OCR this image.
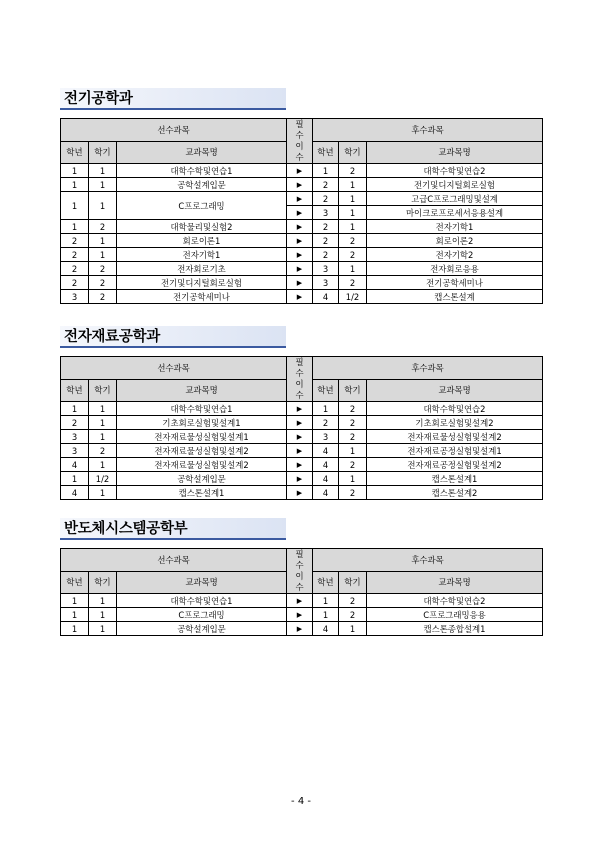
전기공학과
선수과목			필수 이수	후수과목		
학년	학기	교과목명		학년	학기	교과목명
1	1	대학수학및연습1	▶	1	2	대학수학및연습2
1	1	공학설계입문	▶	2	1	전기및디지털회로실험
1	1	C프로그래밍	▶	2	1	고급C프로그래밍및설계
			▶	3	1	마이크로프로세서응용설계
1	2	대학물리및실험2	▶	2	1	전자기학1
2	1	회로이론1	▶	2	2	회로이론2
2	1	전자기학1	▶	2	2	전자기학2
2	2	전자회로기초	▶	3	1	전자회로응용
2	2	전기및디지털회로실험	▶	3	2	전기공학세미나
3	2	전기공학세미나	▶	4	1/2	캡스톤설계
전자재료공학과
선수과목			필수 이수	후수과목		
학년	학기	교과목명		학년	학기	교과목명
1	1	대학수학및연습1	▶	1	2	대학수학및연습2
2	1	기초회로실험및설계1	▶	2	2	기초회로실험및설계2
3	1	전자재료물성실험및설계1	▶	3	2	전자재료물성실험및설계2
3	2	전자재료물성실험및설계2	▶	4	1	전자재료공정실험및설계1
4	1	전자재료물성실험및설계2	▶	4	2	전자재료공정실험및설계2
1	1/2	공학설계입문	▶	4	1	캡스톤설계1
4	1	캡스톤설계1	▶	4	2	캡스톤설계2
반도체시스템공학부
선수과목			필수 이수	후수과목		
학년	학기	교과목명		학년	학기	교과목명
1	1	대학수학및연습1	▶	1	2	대학수학및연습2
1	1	C프로그래밍	▶	1	2	C프로그래밍응용
1	1	공학설계입문	▶	4	1	캡스톤종합설계1
- 4 -
